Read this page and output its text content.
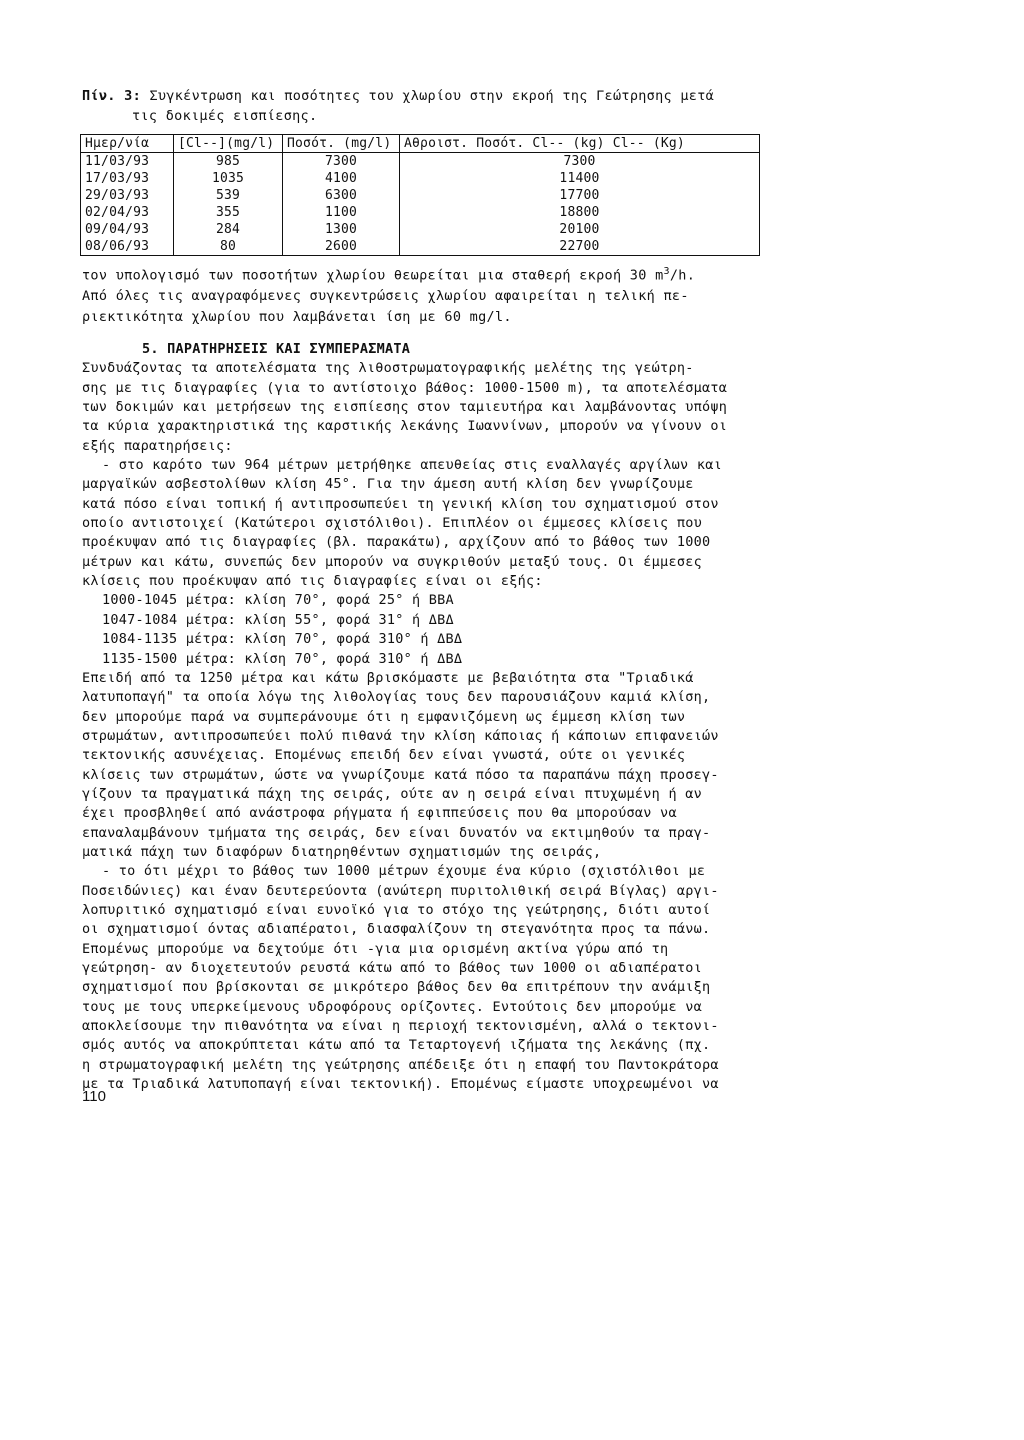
Πίν. 3: Συγκέντρωση και ποσότητες του χλωρίου στην εκροή της Γεώτρησης μετά
τις δοκιμές εισπίεσης.
Ημερ/νία	[Cl--](mg/l)	Ποσότ. (mg/l)	Αθροιστ. Ποσότ. Cl-- (kg) Cl-- (Kg)
11/03/93	985	7300	7300
17/03/93	1035	4100	11400
29/03/93	539	6300	17700
02/04/93	355	1100	18800
09/04/93	284	1300	20100
08/06/93	80	2600	22700
τον υπολογισμό των ποσοτήτων χλωρίου θεωρείται μια σταθερή εκροή 30 $m^3/h$.
Από όλες τις αναγραφόμενες συγκεντρώσεις χλωρίου αφαιρείται η τελική πε-
ριεκτικότητα χλωρίου που λαμβάνεται ίση με 60 mg/l.
5. ΠΑΡΑΤΗΡΗΣΕΙΣ ΚΑΙ ΣΥΜΠΕΡΑΣΜΑΤΑ
Συνδυάζοντας τα αποτελέσματα της λιθοστρωματογραφικής μελέτης της γεώτρη-
σης με τις διαγραφίες (για το αντίστοιχο βάθος: 1000-1500 m), τα αποτελέσματα
των δοκιμών και μετρήσεων της εισπίεσης στον ταμιευτήρα και λαμβάνοντας υπόψη
τα κύρια χαρακτηριστικά της καρστικής λεκάνης Ιωαννίνων, μπορούν να γίνουν οι
εξής παρατηρήσεις:
- στο καρότο των 964 μέτρων μετρήθηκε απευθείας στις εναλλαγές αργίλων και
μαργαϊκών ασβεστολίθων κλίση 45°. Για την άμεση αυτή κλίση δεν γνωρίζουμε
κατά πόσο είναι τοπική ή αντιπροσωπεύει τη γενική κλίση του σχηματισμού στον
οποίο αντιστοιχεί (Κατώτεροι σχιστόλιθοι). Επιπλέον οι έμμεσες κλίσεις που
προέκυψαν από τις διαγραφίες (βλ. παρακάτω), αρχίζουν από το βάθος των 1000
μέτρων και κάτω, συνεπώς δεν μπορούν να συγκριθούν μεταξύ τους. Οι έμμεσες
κλίσεις που προέκυψαν από τις διαγραφίες είναι οι εξής:
1000-1045 μέτρα: κλίση 70°, φορά 25° ή ΒΒΑ
1047-1084 μέτρα: κλίση 55°, φορά 31° ή ΔΒΔ
1084-1135 μέτρα: κλίση 70°, φορά 310° ή ΔΒΔ
1135-1500 μέτρα: κλίση 70°, φορά 310° ή ΔΒΔ
Επειδή από τα 1250 μέτρα και κάτω βρισκόμαστε με βεβαιότητα στα "Τριαδικά
λατυποπαγή" τα οποία λόγω της λιθολογίας τους δεν παρουσιάζουν καμιά κλίση,
δεν μπορούμε παρά να συμπεράνουμε ότι η εμφανιζόμενη ως έμμεση κλίση των
στρωμάτων, αντιπροσωπεύει πολύ πιθανά την κλίση κάποιας ή κάποιων επιφανειών
τεκτονικής ασυνέχειας. Επομένως επειδή δεν είναι γνωστά, ούτε οι γενικές
κλίσεις των στρωμάτων, ώστε να γνωρίζουμε κατά πόσο τα παραπάνω πάχη προσεγ-
γίζουν τα πραγματικά πάχη της σειράς, ούτε αν η σειρά είναι πτυχωμένη ή αν
έχει προσβληθεί από ανάστροφα ρήγματα ή εφιππεύσεις που θα μπορούσαν να
επαναλαμβάνουν τμήματα της σειράς, δεν είναι δυνατόν να εκτιμηθούν τα πραγ-
ματικά πάχη των διαφόρων διατηρηθέντων σχηματισμών της σειράς,
- το ότι μέχρι το βάθος των 1000 μέτρων έχουμε ένα κύριο (σχιστόλιθοι με
Ποσειδώνιες) και έναν δευτερεύοντα (ανώτερη πυριτολιθική σειρά Βίγλας) αργι-
λοπυριτικό σχηματισμό είναι ευνοϊκό για το στόχο της γεώτρησης, διότι αυτοί
οι σχηματισμοί όντας αδιαπέρατοι, διασφαλίζουν τη στεγανότητα προς τα πάνω.
Επομένως μπορούμε να δεχτούμε ότι -για μια ορισμένη ακτίνα γύρω από τη
γεώτρηση- αν διοχετευτούν ρευστά κάτω από το βάθος των 1000 οι αδιαπέρατοι
σχηματισμοί που βρίσκονται σε μικρότερο βάθος δεν θα επιτρέπουν την ανάμιξη
τους με τους υπερκείμενους υδροφόρους ορίζοντες. Εντούτοις δεν μπορούμε να
αποκλείσουμε την πιθανότητα να είναι η περιοχή τεκτονισμένη, αλλά ο τεκτονι-
σμός αυτός να αποκρύπτεται κάτω από τα Τεταρτογενή ιζήματα της λεκάνης (πχ.
η στρωματογραφική μελέτη της γεώτρησης απέδειξε ότι η επαφή του Παντοκράτορα
με τα Τριαδικά λατυποπαγή είναι τεκτονική). Επομένως είμαστε υποχρεωμένοι να
110
